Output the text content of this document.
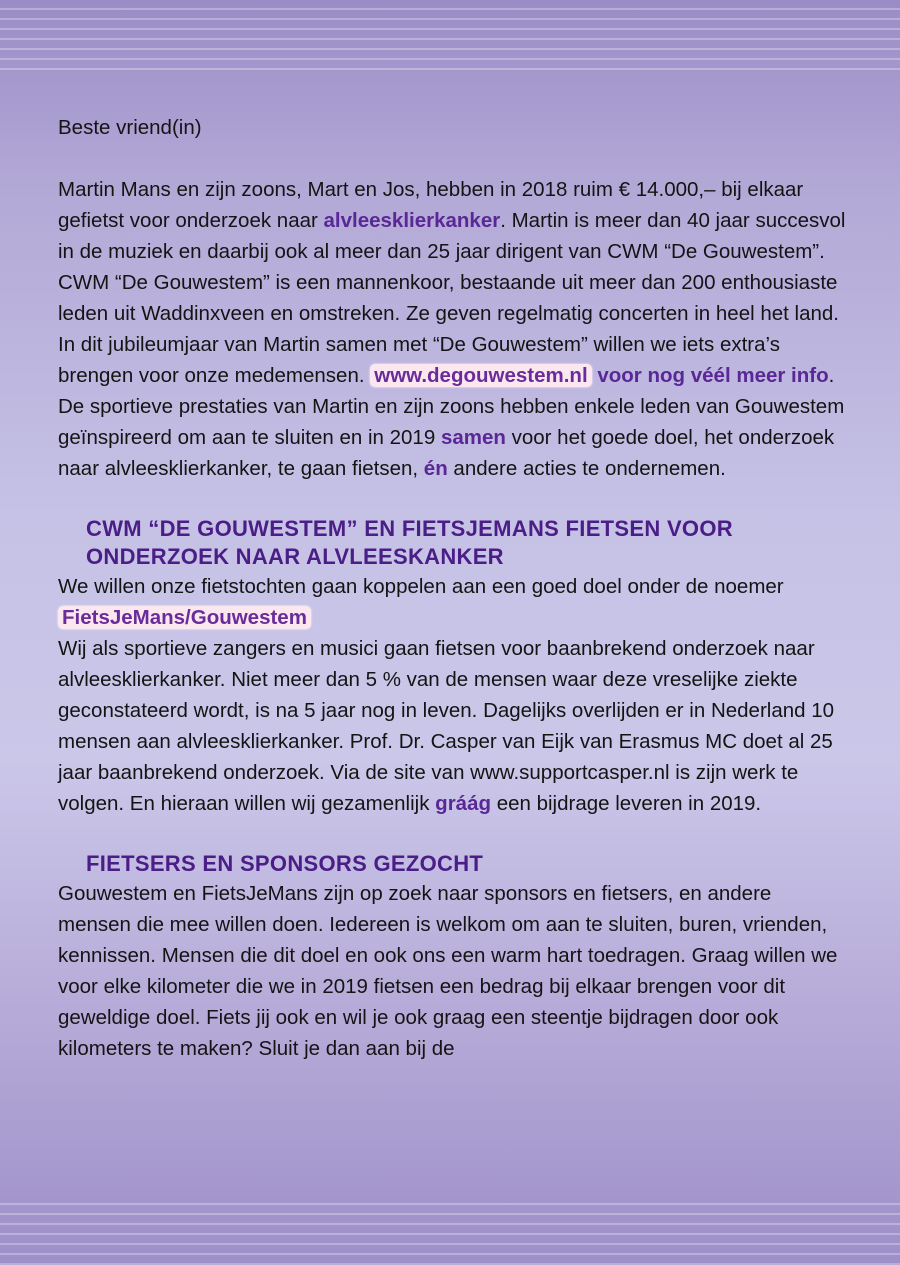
Beste vriend(in)

Martin Mans en zijn zoons, Mart en Jos, hebben in 2018 ruim € 14.000,– bij elkaar gefietst voor onderzoek naar alvleesklierkanker. Martin is meer dan 40 jaar succesvol in de muziek en daarbij ook al meer dan 25 jaar dirigent van CWM “De Gouwestem”. CWM “De Gouwestem” is een mannenkoor, bestaande uit meer dan 200 enthousiaste leden uit Waddinxveen en omstreken. Ze geven regelmatig concerten in heel het land. In dit jubileumjaar van Martin samen met “De Gouwestem” willen we iets extra’s brengen voor onze medemensen. www.degouwestem.nl voor nog véél meer info. De sportieve prestaties van Martin en zijn zoons hebben enkele leden van Gouwestem geïnspireerd om aan te sluiten en in 2019 samen voor het goede doel, het onderzoek naar alvleesklierkanker, te gaan fietsen, én andere acties te ondernemen.

CWM “DE GOUWESTEM” EN FIETSJEMANS FIETSEN VOOR
ONDERZOEK NAAR ALVLEESKANKER

We willen onze fietstochten gaan koppelen aan een goed doel onder de noemer FietsJeMans/Gouwestem
Wij als sportieve zangers en musici gaan fietsen voor baanbrekend onderzoek naar alvleesklierkanker. Niet meer dan 5 % van de mensen waar deze vreselijke ziekte geconstateerd wordt, is na 5 jaar nog in leven. Dagelijks overlijden er in Nederland 10 mensen aan alvleesklierkanker. Prof. Dr. Casper van Eijk van Erasmus MC doet al 25 jaar baanbrekend onderzoek. Via de site van www.supportcasper.nl is zijn werk te volgen. En hieraan willen wij gezamenlijk gráág een bijdrage leveren in 2019.

FIETSERS EN SPONSORS GEZOCHT

Gouwestem en FietsJeMans zijn op zoek naar sponsors en fietsers, en andere mensen die mee willen doen. Iedereen is welkom om aan te sluiten, buren, vrienden, kennissen. Mensen die dit doel en ook ons een warm hart toedragen. Graag willen we voor elke kilometer die we in 2019 fietsen een bedrag bij elkaar brengen voor dit geweldige doel. Fiets jij ook en wil je ook graag een steentje bijdragen door ook kilometers te maken? Sluit je dan aan bij de
